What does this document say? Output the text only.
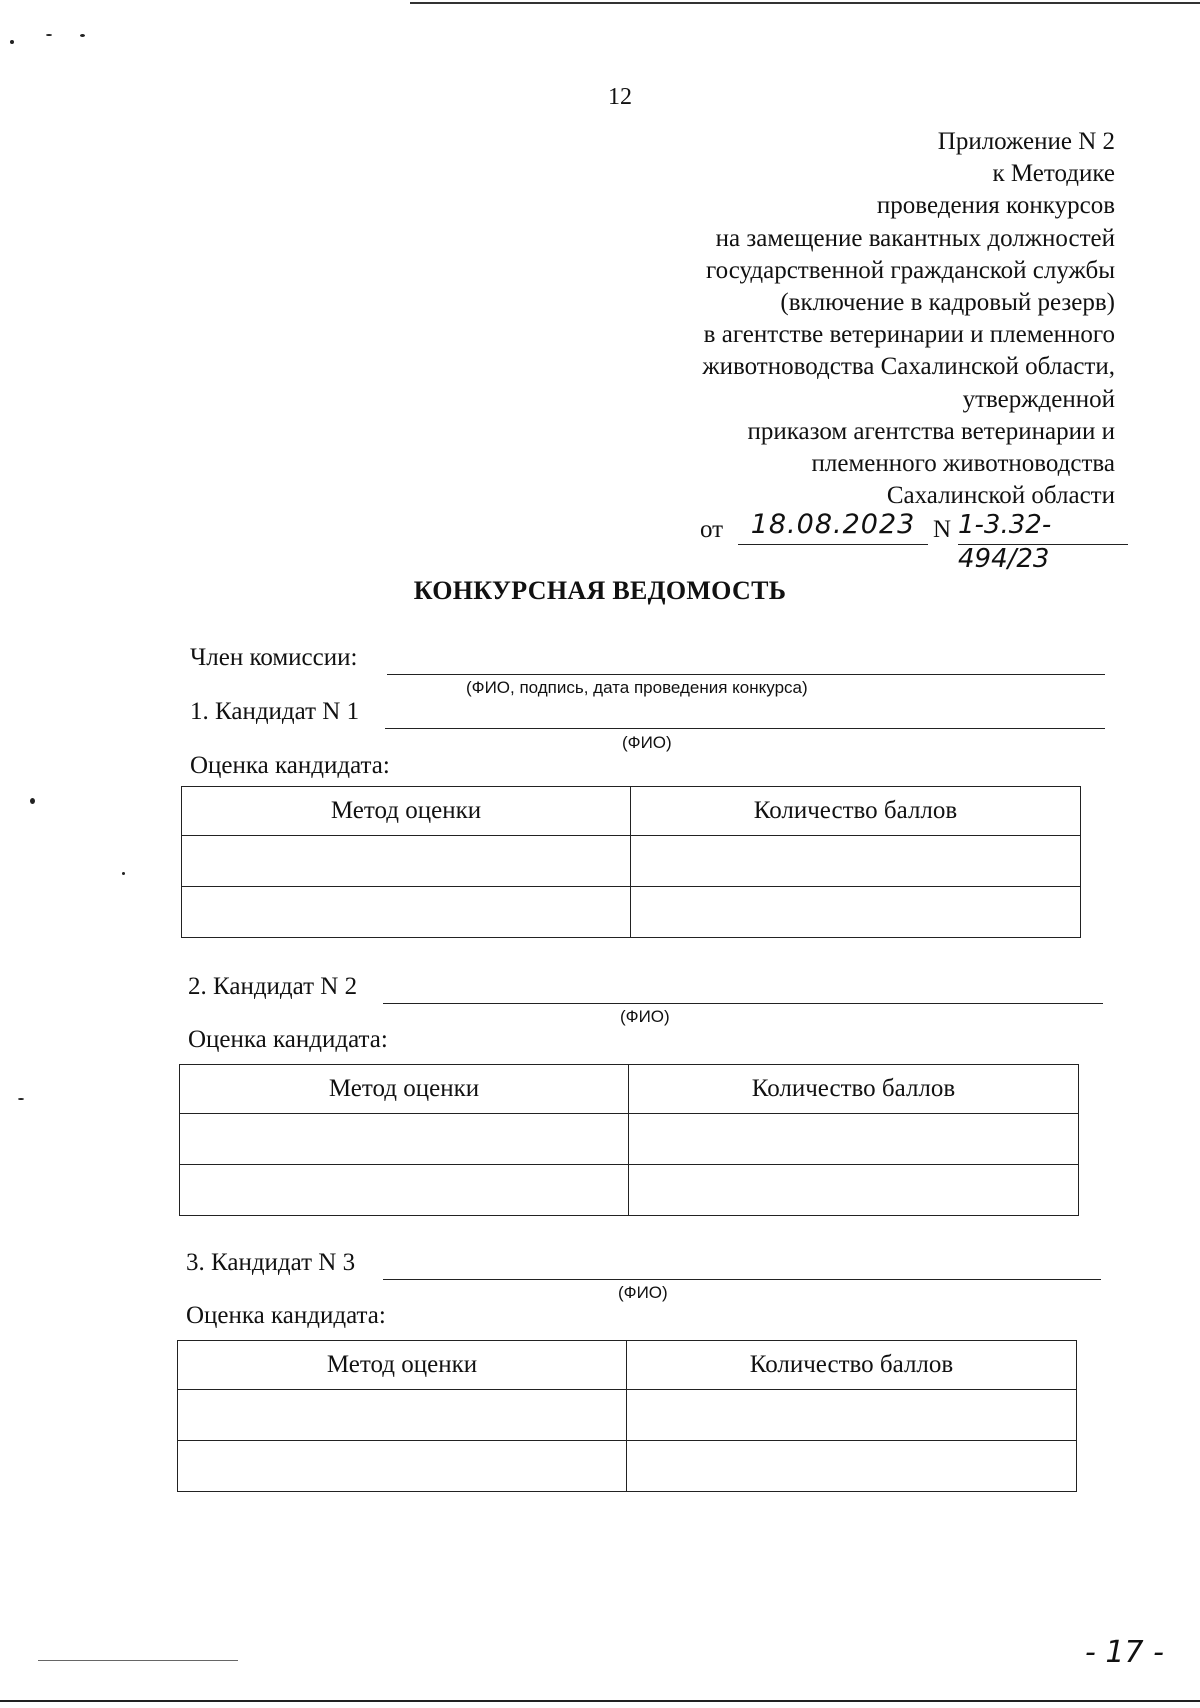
12
Приложение N 2
к Методике
проведения конкурсов
на замещение вакантных должностей
государственной гражданской службы
(включение в кадровый резерв)
в агентстве ветеринарии и племенного
животноводства Сахалинской области,
утвержденной
приказом агентства ветеринарии и
племенного животноводства
Сахалинской области
от	18.08.2023 N 1-3.32-494/23
КОНКУРСНАЯ ВЕДОМОСТЬ
Член комиссии:
(ФИО, подпись, дата проведения конкурса)
1. Кандидат N 1
(ФИО)
Оценка кандидата:
Метод оценки	Количество баллов

2. Кандидат N 2
(ФИО)
Оценка кандидата:
Метод оценки	Количество баллов

3. Кандидат N 3
(ФИО)
Оценка кандидата:
Метод оценки	Количество баллов

- 17 -
